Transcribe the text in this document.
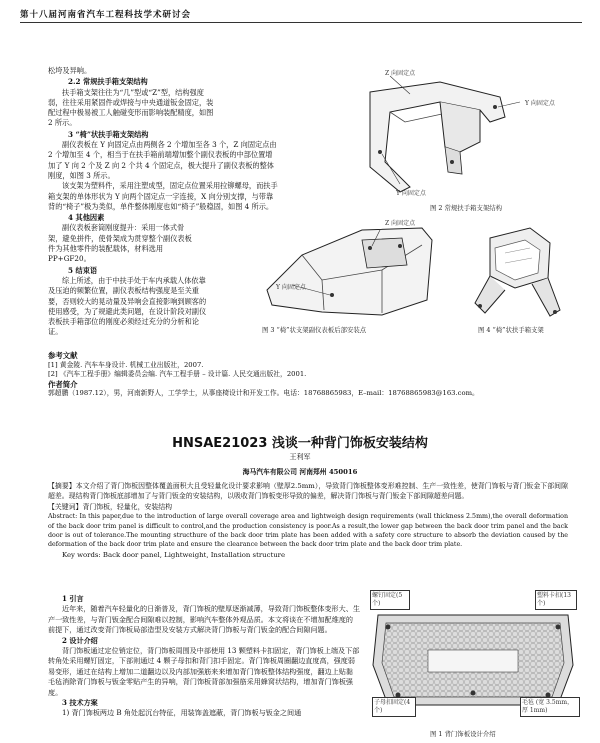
第十八届河南省汽车工程科技学术研讨会

松垮及异响。

2.2 常规扶手箱支架结构

扶手箱支架往往为“几”型或“Z”型，结构强度弱，往往采用紧固件或焊接与中央通道钣金固定，装配过程中极易被工人触碰变形而影响装配精度，如图 2 所示。

3 “椅”状扶手箱支架结构

副仪表板在 Y 向固定点由两侧各 2 个增加至各 3 个，Z 向固定点由 2 个增加至 4 个，相当于在扶手箱前端增加整个副仪表板的中部位置增加了 Y 向 2 个及 Z 向 2 个共 4 个固定点，极大提升了副仪表板的整体刚度，如图 3 所示。

该支架为塑料件，采用注塑成型，固定点位置采用拉铆螺母，而扶手箱支架的单体形状为 Y 向两个固定点一字连接，X 向分别支撑，与带靠背的“椅子”极为类似，单件整体刚度也如“椅子”般稳固，如图 4 所示。

4 其他因素

副仪表板套筒刚度提升：采用一体式骨架，避免拼件，使骨架成为贯穿整个副仪表板件为其他零件的装配载体，材料选用 PP+GF20。

5 结束语

综上所述，由于中扶手处于车内承载人体依靠及压迫的频繁位置，副仪表板结构强度是至关重要，否则较大的晃动量及异响会直接影响到顾客的使用感受，为了规避此类问题，在设计阶段对副仪表板扶手箱部位的刚度必须经过充分的分析和论证。

Z 向固定点
Y 向固定点
Y 向固定点
图 2 常规扶手箱支架结构
Z 向固定点
Y 向固定点
图 3 “椅”状支架副仪表板后部安装点	图 4 “椅”状扶手箱支架
参考文献
[1] 黄金陵. 汽车车身设计. 机械工业出版社，2007.
[2] 《汽车工程手册》编辑委员会编. 汽车工程手册 – 设计篇. 人民交通出版社，2001.
作者简介
郭超鹏（1987.12），男，河南新野人，工学学士，从事座椅设计和开发工作。电话：18768865983，E–mail：18768865983@163.com。
HNSAE21023 浅谈一种背门饰板安装结构
王利军
海马汽车有限公司 河南郑州 450016

【摘要】本文介绍了背门饰板因整体覆盖面积大且受轻量化设计要求影响（壁厚2.5mm），导致背门饰板整体变形难控制、生产一致性差，使背门饰板与背门钣金下部间隙超差。现结构背门饰板底部增加了与背门钣金的安装结构，以吸收背门饰板变形导致的偏差，解决背门饰板与背门钣金下部间隙超差问题。

【关键词】背门饰板，轻量化，安装结构

Abstract: In this paper,due to the introduction of large overall coverage area and lightweigh design requirements (wall thickness 2.5mm),the overall deformation of the back door trim panel is difficult to control,and the production consistency is poor.As a result,the lower gap between the back door trim panel and the back door is out of tolerance.The mounting structhure of the back door trim plate has been added with a safety core structure to absorb the deviation caused by the deformation of the back door trim plate and ensure the clearance between the back door trim plate and the back door trim plate.

Key words: Back door panel, Lightweight, Installation structure

1 引言

近年来，随着汽车轻量化的日渐普及，背门饰板的壁厚逐渐减薄，导致背门饰板整体变形大、生产一致性差，与背门钣金配合间隙难以控制，影响汽车整体外观品质。本文将谈在不增加配维度的前提下，通过改变背门饰板局部造型及安装方式解决背门饰板与背门钣金的配合间隙问题。

2 设计介绍

背门饰板通过定位销定位，背门饰板周围及中部使用 13 颗塑料卡扣固定，背门饰板上端及下部转角处采用螺钉固定，下部则通过 4 颗子母扣和背门扣手固定。背门饰板周圈翻边直度高，强度弱易变形，通过在结构上增加二道翻边以及内部加强筋来来增加背门饰板整体结构强度，翻边上贴黏毛毡消除背门饰板与钣金零贴产生的异响，背门饰板背部加强筋采用蜂窝状结构，增加背门饰板强度。

3 技术方案

1) 背门饰板两边 B 角处起沉台特征，用装饰盖遮蔽，背门饰板与钣金之间通

螺钉固定(5 个)
塑料卡扣(13 个)
子母扣固定(4 个)
毛毡 (宽 3.5mm，厚 1mm)
图 1 背门饰板设计介绍
